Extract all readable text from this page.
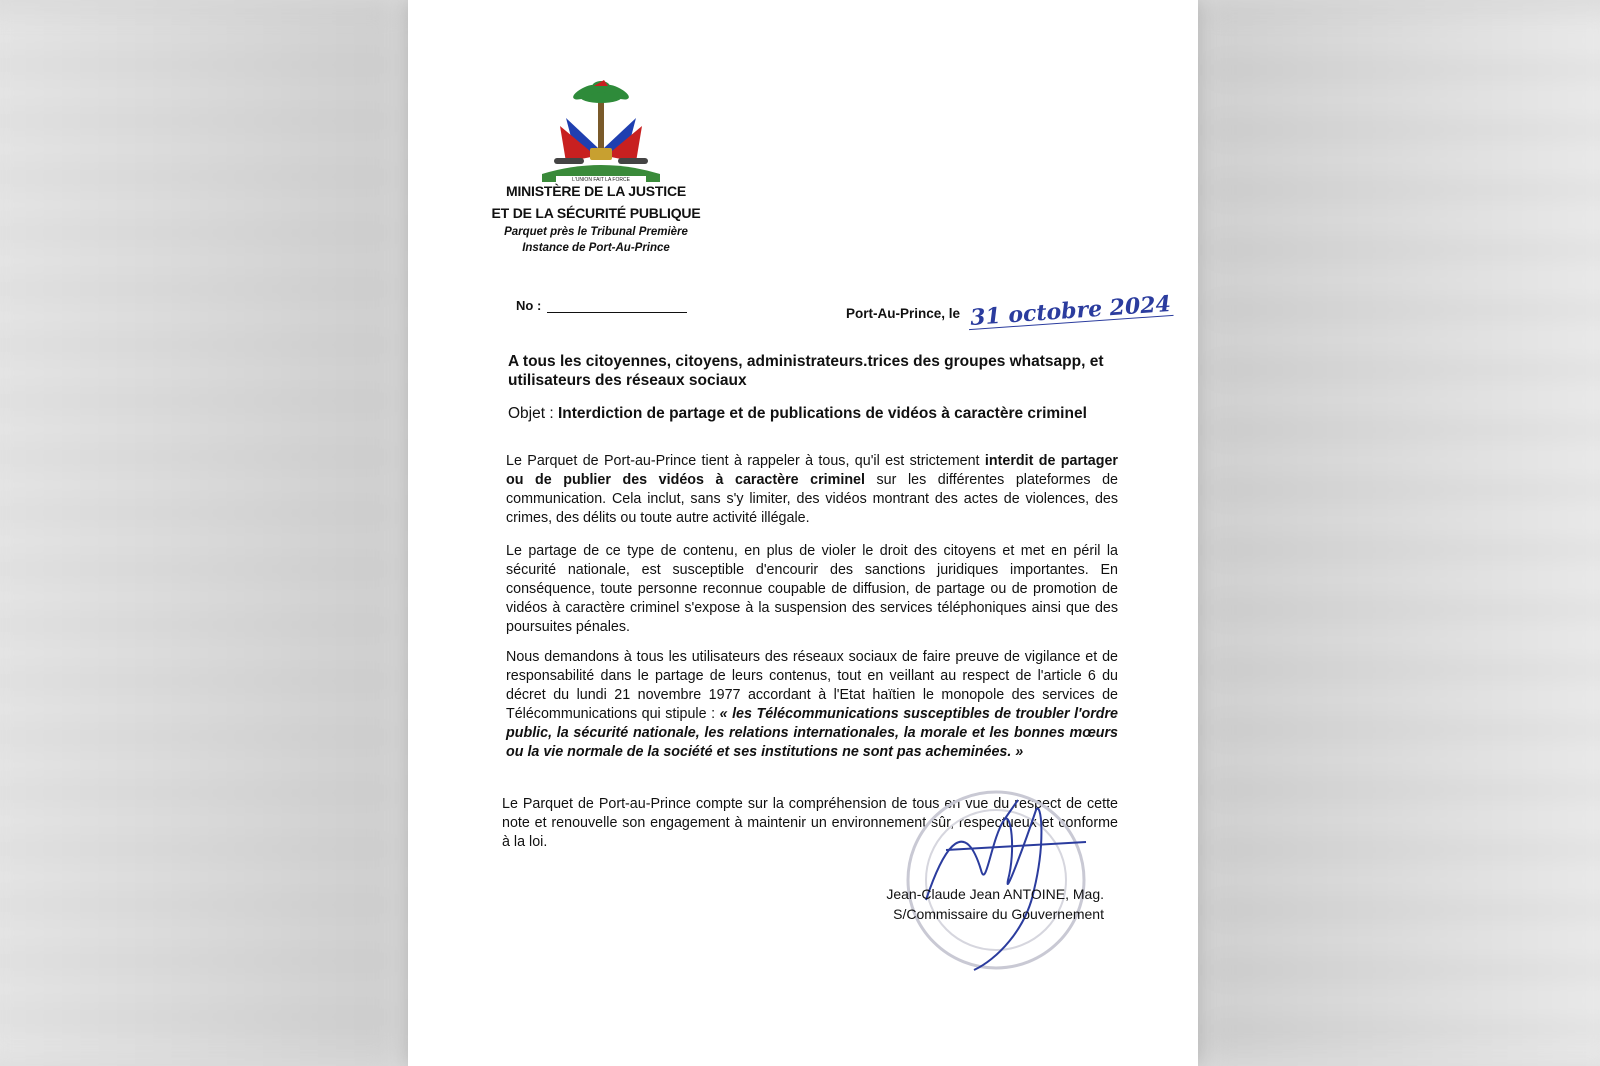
L'UNION FAIT LA FORCE
MINISTÈRE DE LA JUSTICE
ET DE LA SÉCURITÉ PUBLIQUE
Parquet près le Tribunal Première
Instance de Port-Au-Prince
No :
Port-Au-Prince, le 31 octobre 2024
A tous les citoyennes, citoyens, administrateurs.trices des groupes whatsapp, et utilisateurs des réseaux sociaux
Objet : Interdiction de partage et de publications de vidéos à caractère criminel
Le Parquet de Port-au-Prince tient à rappeler à tous, qu'il est strictement interdit de partager ou de publier des vidéos à caractère criminel sur les différentes plateformes de communication. Cela inclut, sans s'y limiter, des vidéos montrant des actes de violences, des crimes, des délits ou toute autre activité illégale.
Le partage de ce type de contenu, en plus de violer le droit des citoyens et met en péril la sécurité nationale, est susceptible d'encourir des sanctions juridiques importantes. En conséquence, toute personne reconnue coupable de diffusion, de partage ou de promotion de vidéos à caractère criminel s'expose à la suspension des services téléphoniques ainsi que des poursuites pénales.
Nous demandons à tous les utilisateurs des réseaux sociaux de faire preuve de vigilance et de responsabilité dans le partage de leurs contenus, tout en veillant au respect de l'article 6 du décret du lundi 21 novembre 1977 accordant à l'Etat haïtien le monopole des services de Télécommunications qui stipule : « les Télécommunications susceptibles de troubler l'ordre public, la sécurité nationale, les relations internationales, la morale et les bonnes mœurs ou la vie normale de la société et ses institutions ne sont pas acheminées. »
Le Parquet de Port-au-Prince compte sur la compréhension de tous en vue du respect de cette note et renouvelle son engagement à maintenir un environnement sûr, respectueux et conforme à la loi.
Jean-Claude Jean ANTOINE, Mag.
S/Commissaire du Gouvernement
